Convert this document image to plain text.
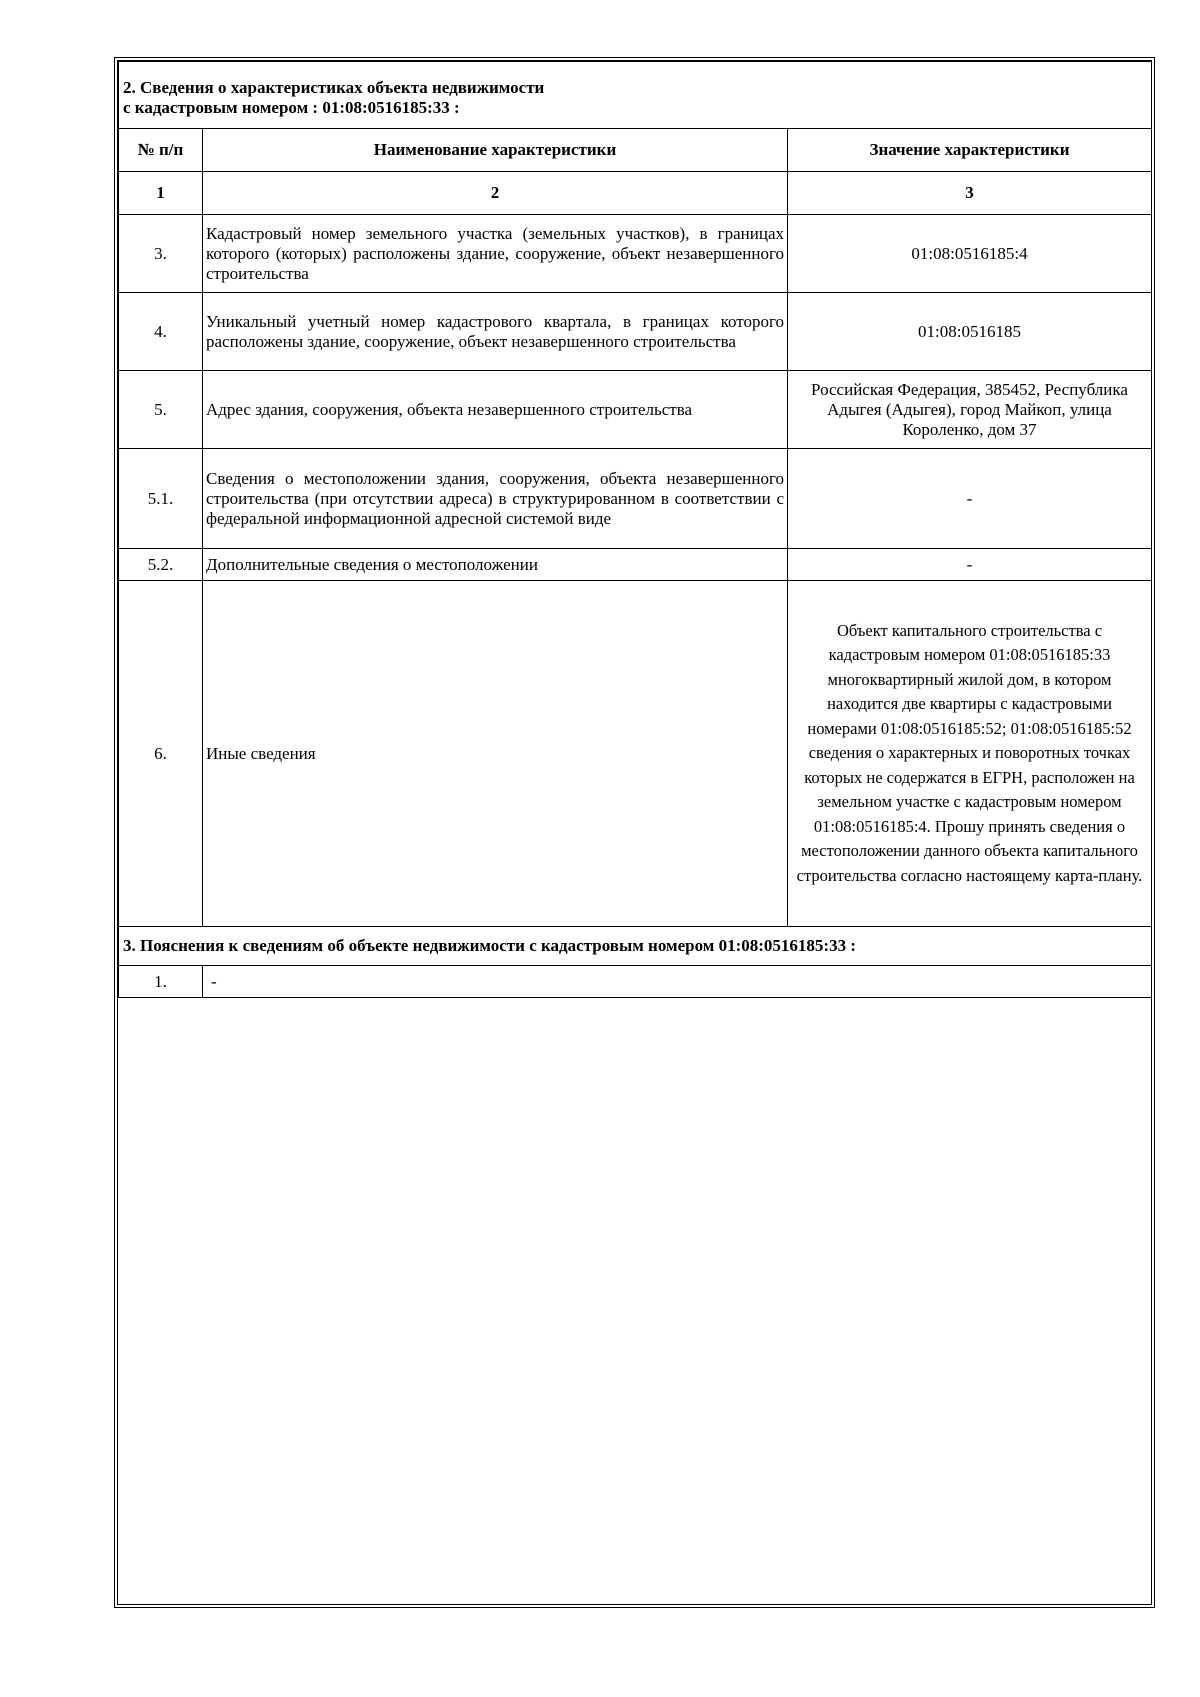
2. Сведения о характеристиках объекта недвижимости
с кадастровым номером : 01:08:0516185:33 :		

№ п/п	Наименование характеристики	Значение характеристики
1	2	3
3.	Кадастровый номер земельного участка (земельных участков), в границах которого (которых) расположены здание, сооружение, объект незавершенного строительства	01:08:0516185:4
4.	Уникальный учетный номер кадастрового квартала, в границах которого расположены здание, сооружение, объект незавершенного строительства	01:08:0516185
5.	Адрес здания, сооружения, объекта незавершенного строительства	Российская Федерация, 385452, Республика Адыгея (Адыгея), город Майкоп, улица Короленко, дом 37
5.1.	Сведения о местоположении здания, сооружения, объекта незавершенного строительства (при отсутствии адреса) в структурированном в соответствии с федеральной информационной адресной системой виде	-
5.2.	Дополнительные сведения о местоположении	-
6.	Иные сведения	Объект капитального строительства с кадастровым номером 01:08:0516185:33 многоквартирный жилой дом, в котором находится две квартиры с кадастровыми номерами 01:08:0516185:52; 01:08:0516185:52 сведения о характерных и поворотных точках которых не содержатся в ЕГРН, расположен на земельном участке с кадастровым номером 01:08:0516185:4. Прошу принять сведения о местоположении данного объекта капитального строительства согласно настоящему карта-плану.
3. Пояснения к сведениям об объекте недвижимости с кадастровым номером 01:08:0516185:33 :		
1.	-	
